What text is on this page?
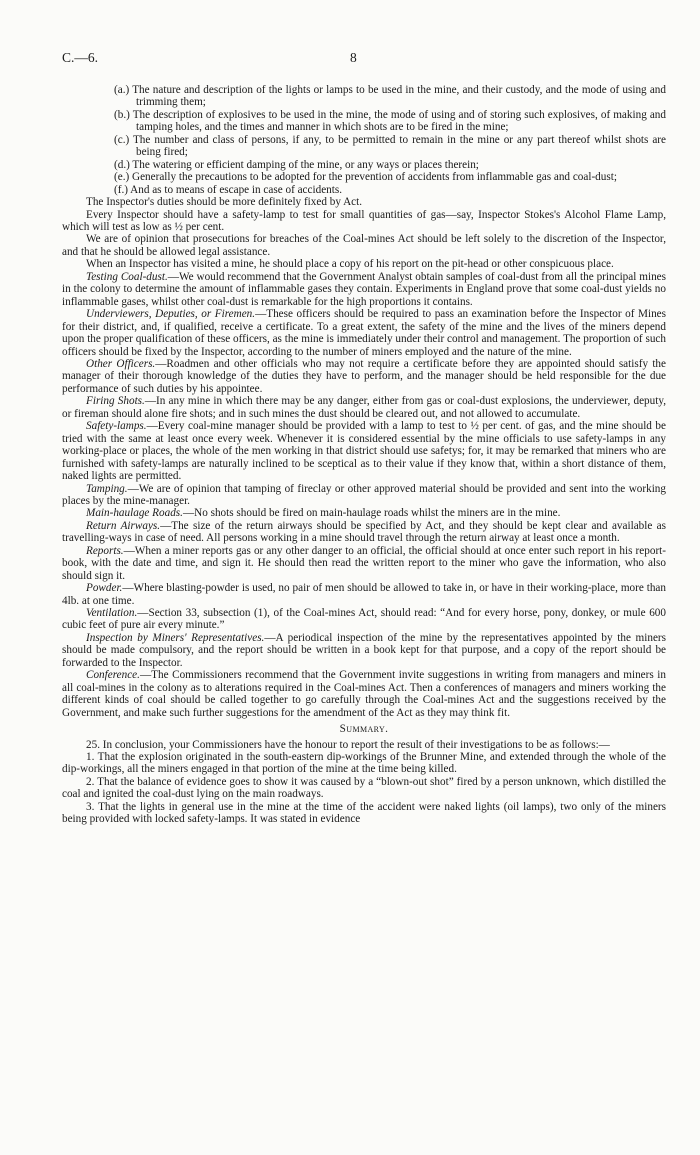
C.—6.	8

(a.) The nature and description of the lights or lamps to be used in the mine, and their custody, and the mode of using and trimming them;

(b.) The description of explosives to be used in the mine, the mode of using and of storing such explosives, of making and tamping holes, and the times and manner in which shots are to be fired in the mine;

(c.) The number and class of persons, if any, to be permitted to remain in the mine or any part thereof whilst shots are being fired;

(d.) The watering or efficient damping of the mine, or any ways or places therein;

(e.) Generally the precautions to be adopted for the prevention of accidents from inflammable gas and coal-dust;

(f.) And as to means of escape in case of accidents.

The Inspector's duties should be more definitely fixed by Act.

Every Inspector should have a safety-lamp to test for small quantities of gas—say, Inspector Stokes's Alcohol Flame Lamp, which will test as low as ½ per cent.

We are of opinion that prosecutions for breaches of the Coal-mines Act should be left solely to the discretion of the Inspector, and that he should be allowed legal assistance.

When an Inspector has visited a mine, he should place a copy of his report on the pit-head or other conspicuous place.

Testing Coal-dust.—We would recommend that the Government Analyst obtain samples of coal-dust from all the principal mines in the colony to determine the amount of inflammable gases they contain. Experiments in England prove that some coal-dust yields no inflammable gases, whilst other coal-dust is remarkable for the high proportions it contains.

Underviewers, Deputies, or Firemen.—These officers should be required to pass an examination before the Inspector of Mines for their district, and, if qualified, receive a certificate. To a great extent, the safety of the mine and the lives of the miners depend upon the proper qualification of these officers, as the mine is immediately under their control and management. The proportion of such officers should be fixed by the Inspector, according to the number of miners employed and the nature of the mine.

Other Officers.—Roadmen and other officials who may not require a certificate before they are appointed should satisfy the manager of their thorough knowledge of the duties they have to perform, and the manager should be held responsible for the due performance of such duties by his appointee.

Firing Shots.—In any mine in which there may be any danger, either from gas or coal-dust explosions, the underviewer, deputy, or fireman should alone fire shots; and in such mines the dust should be cleared out, and not allowed to accumulate.

Safety-lamps.—Every coal-mine manager should be provided with a lamp to test to ½ per cent. of gas, and the mine should be tried with the same at least once every week. Whenever it is considered essential by the mine officials to use safety-lamps in any working-place or places, the whole of the men working in that district should use safetys; for, it may be remarked that miners who are furnished with safety-lamps are naturally inclined to be sceptical as to their value if they know that, within a short distance of them, naked lights are permitted.

Tamping.—We are of opinion that tamping of fireclay or other approved material should be provided and sent into the working places by the mine-manager.

Main-haulage Roads.—No shots should be fired on main-haulage roads whilst the miners are in the mine.

Return Airways.—The size of the return airways should be specified by Act, and they should be kept clear and available as travelling-ways in case of need. All persons working in a mine should travel through the return airway at least once a month.

Reports.—When a miner reports gas or any other danger to an official, the official should at once enter such report in his report-book, with the date and time, and sign it. He should then read the written report to the miner who gave the information, who also should sign it.

Powder.—Where blasting-powder is used, no pair of men should be allowed to take in, or have in their working-place, more than 4lb. at one time.

Ventilation.—Section 33, subsection (1), of the Coal-mines Act, should read: “And for every horse, pony, donkey, or mule 600 cubic feet of pure air every minute.”

Inspection by Miners' Representatives.—A periodical inspection of the mine by the representatives appointed by the miners should be made compulsory, and the report should be written in a book kept for that purpose, and a copy of the report should be forwarded to the Inspector.

Conference.—The Commissioners recommend that the Government invite suggestions in writing from managers and miners in all coal-mines in the colony as to alterations required in the Coal-mines Act. Then a conferences of managers and miners working the different kinds of coal should be called together to go carefully through the Coal-mines Act and the suggestions received by the Government, and make such further suggestions for the amendment of the Act as they may think fit.

Summary.

25. In conclusion, your Commissioners have the honour to report the result of their investigations to be as follows:—

1. That the explosion originated in the south-eastern dip-workings of the Brunner Mine, and extended through the whole of the dip-workings, all the miners engaged in that portion of the mine at the time being killed.

2. That the balance of evidence goes to show it was caused by a “blown-out shot” fired by a person unknown, which distilled the coal and ignited the coal-dust lying on the main roadways.

3. That the lights in general use in the mine at the time of the accident were naked lights (oil lamps), two only of the miners being provided with locked safety-lamps. It was stated in evidence
